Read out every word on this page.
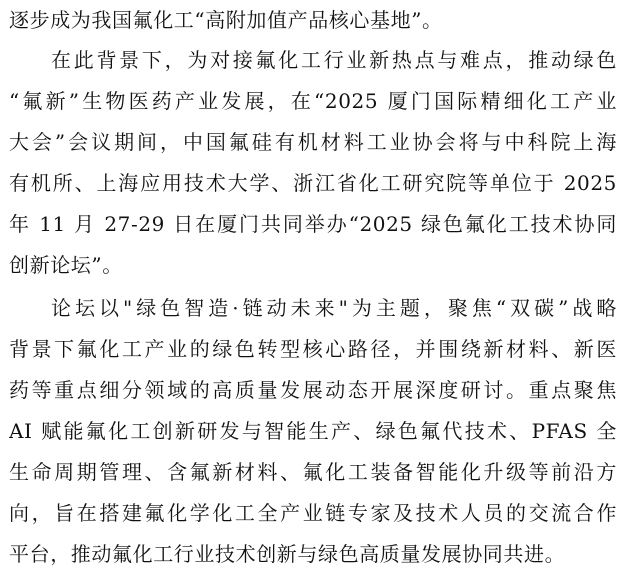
逐步成为我国氟化工“高附加值产品核心基地”。
在此背景下，为对接氟化工行业新热点与难点，推动绿色
“氟新”生物医药产业发展，在“2025 厦门国际精细化工产业
大会”会议期间，中国氟硅有机材料工业协会将与中科院上海
有机所、上海应用技术大学、浙江省化工研究院等单位于 2025
年 11 月 27-29 日在厦门共同举办“2025 绿色氟化工技术协同
创新论坛”。
论坛以"绿色智造·链动未来"为主题，聚焦“双碳”战略
背景下氟化工产业的绿色转型核心路径，并围绕新材料、新医
药等重点细分领域的高质量发展动态开展深度研讨。重点聚焦
AI 赋能氟化工创新研发与智能生产、绿色氟代技术、PFAS 全
生命周期管理、含氟新材料、氟化工装备智能化升级等前沿方
向，旨在搭建氟化学化工全产业链专家及技术人员的交流合作
平台，推动氟化工行业技术创新与绿色高质量发展协同共进。
